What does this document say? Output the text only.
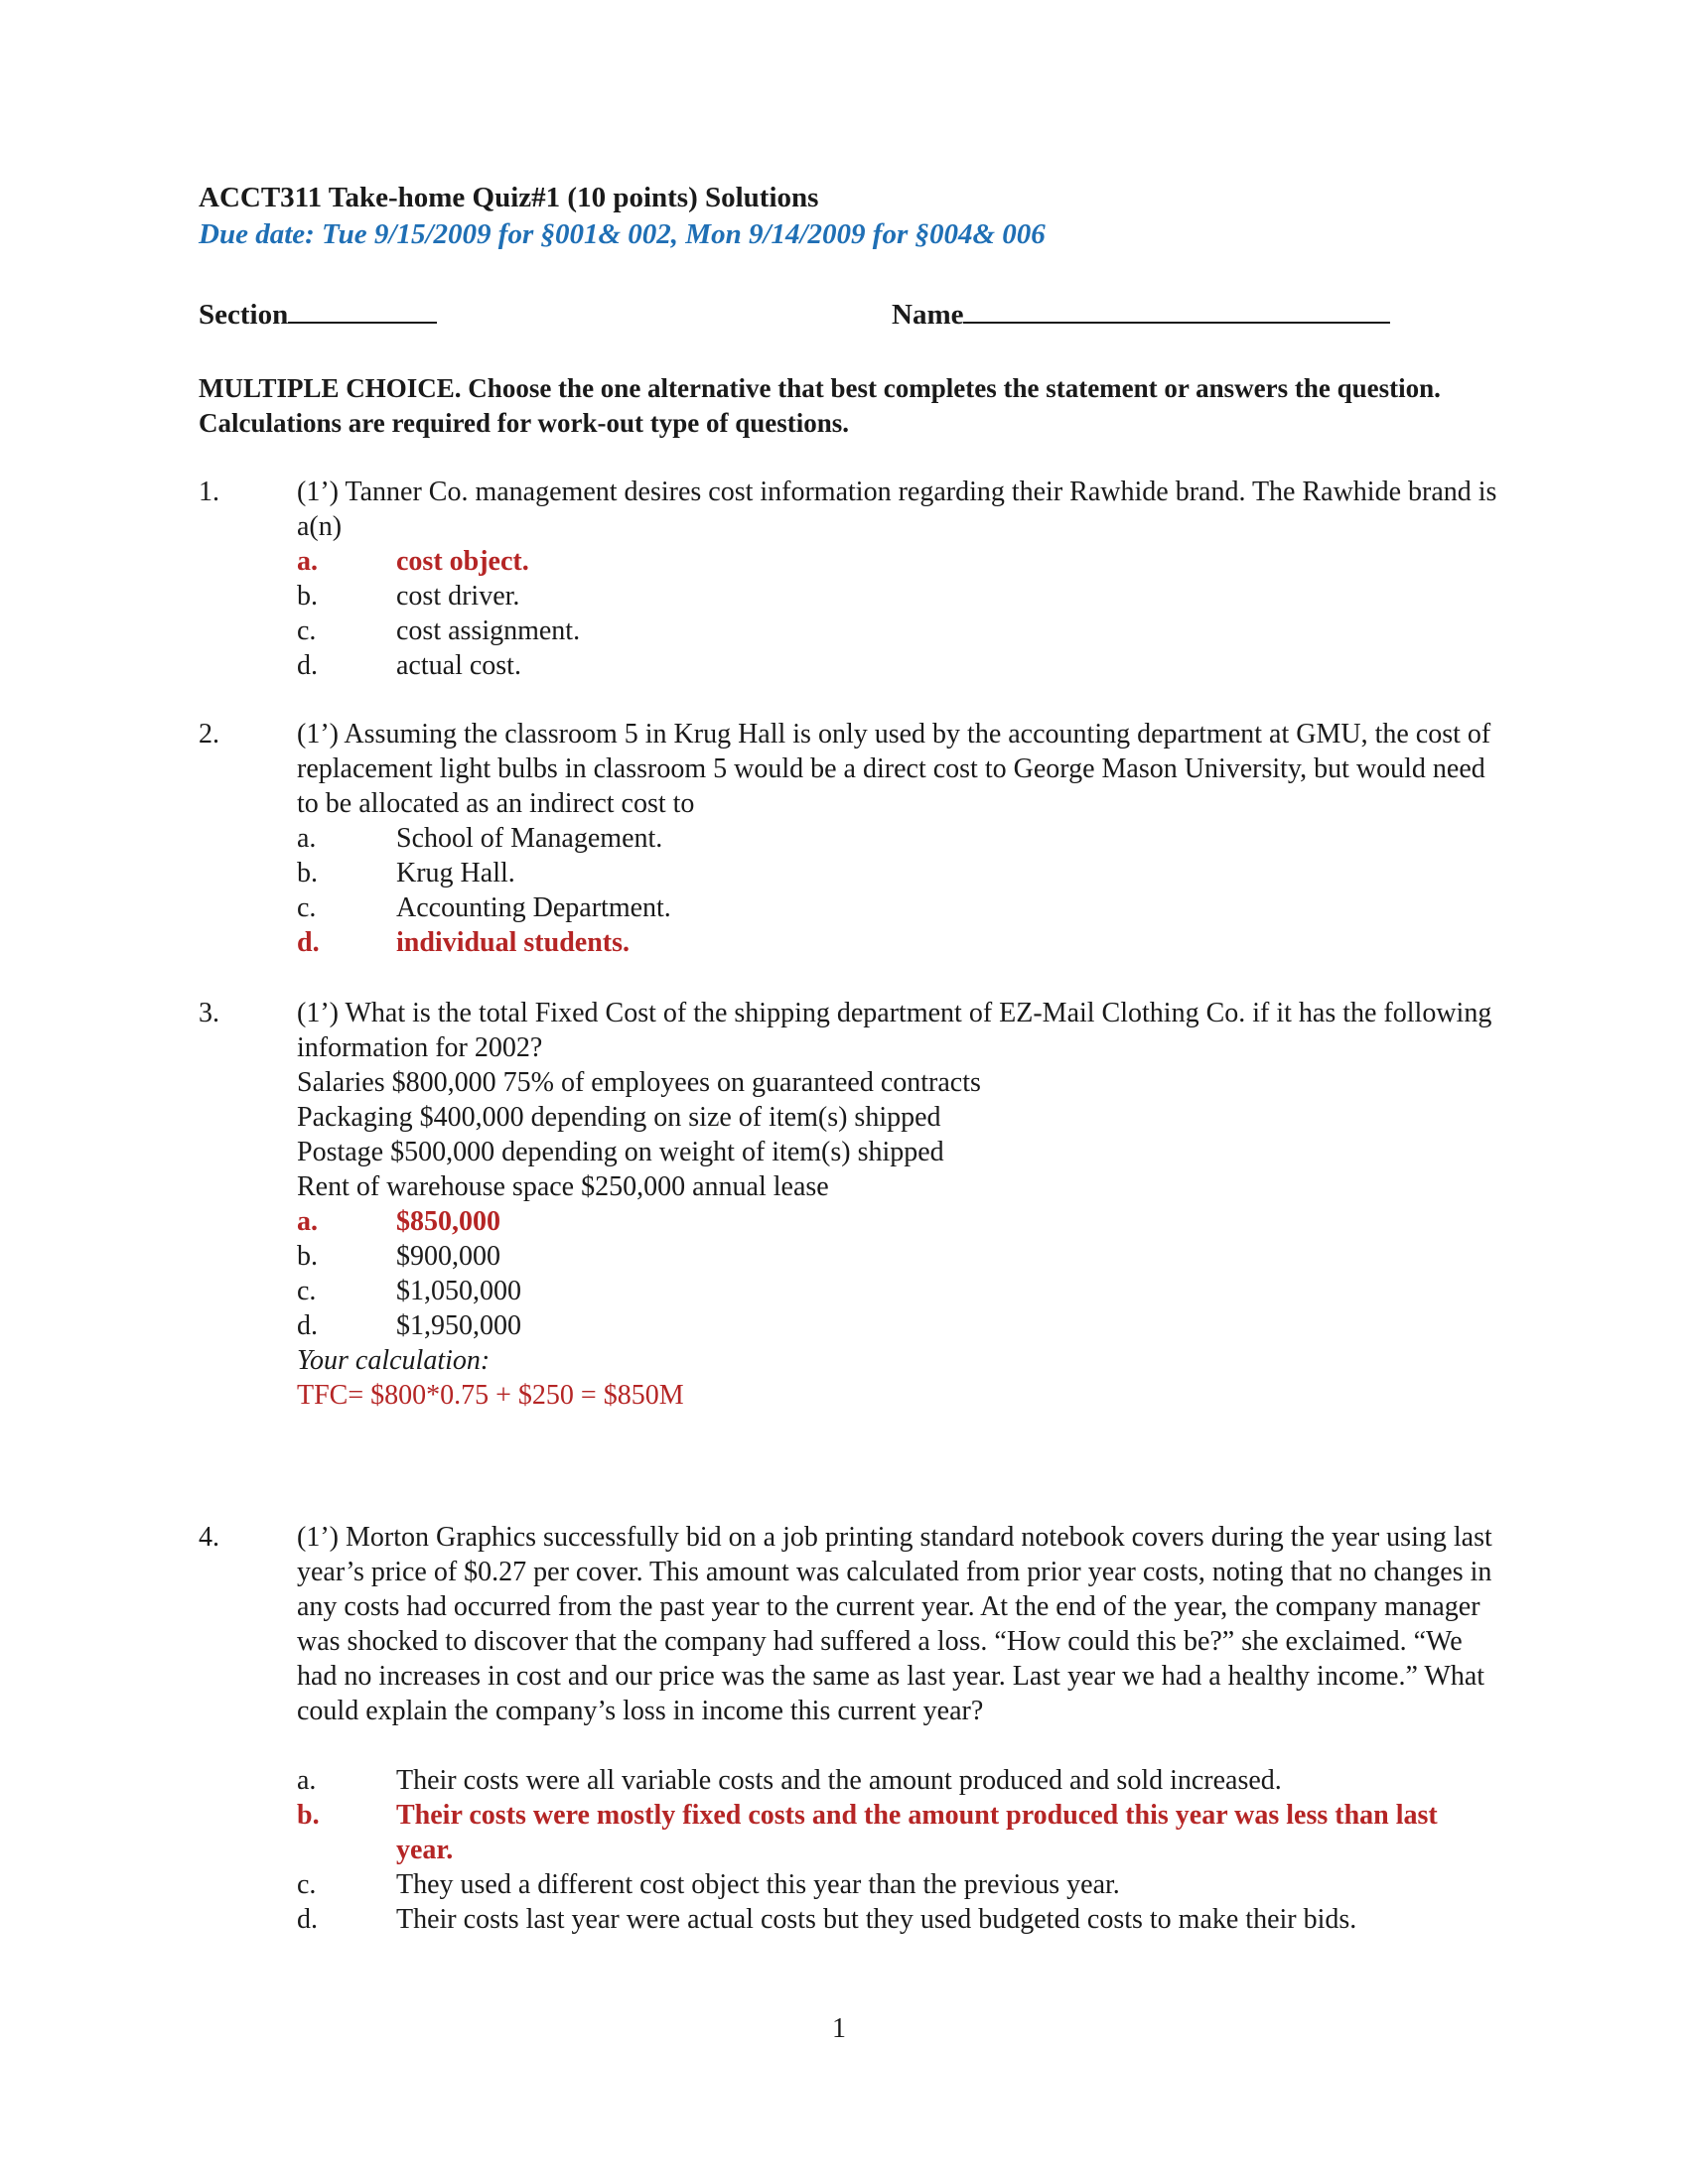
ACCT311 Take-home Quiz#1 (10 points) Solutions
Due date: Tue 9/15/2009 for §001& 002, Mon 9/14/2009 for §004& 006
Section	Name
MULTIPLE CHOICE. Choose the one alternative that best completes the statement or answers the question. Calculations are required for work-out type of questions.
1.	(1’) Tanner Co. management desires cost information regarding their Rawhide brand. The Rawhide brand is a(n)

a.	cost object.
b.	cost driver.
c.	cost assignment.
d.	actual cost.
2.	(1’) Assuming the classroom 5 in Krug Hall is only used by the accounting department at GMU, the cost of replacement light bulbs in classroom 5 would be a direct cost to George Mason University, but would need to be allocated as an indirect cost to

a.	School of Management.
b.	Krug Hall.
c.	Accounting Department.
d.	individual students.
3.	(1’) What is the total Fixed Cost of the shipping department of EZ-Mail Clothing Co. if it has the following information for 2002?

Salaries $800,000 75% of employees on guaranteed contracts

Packaging $400,000 depending on size of item(s) shipped

Postage $500,000 depending on weight of item(s) shipped

Rent of warehouse space $250,000 annual lease

a.	$850,000
b.	$900,000
c.	$1,050,000
d.	$1,950,000

Your calculation:

TFC= $800*0.75 + $250 = $850M

4.	(1’) Morton Graphics successfully bid on a job printing standard notebook covers during the year using last year’s price of $0.27 per cover. This amount was calculated from prior year costs, noting that no changes in any costs had occurred from the past year to the current year. At the end of the year, the company manager was shocked to discover that the company had suffered a loss. “How could this be?” she exclaimed. “We had no increases in cost and our price was the same as last year. Last year we had a healthy income.” What could explain the company’s loss in income this current year?

a.	Their costs were all variable costs and the amount produced and sold increased.
b.	Their costs were mostly fixed costs and the amount produced this year was less than last year.
c.	They used a different cost object this year than the previous year.
d.	Their costs last year were actual costs but they used budgeted costs to make their bids.
1
